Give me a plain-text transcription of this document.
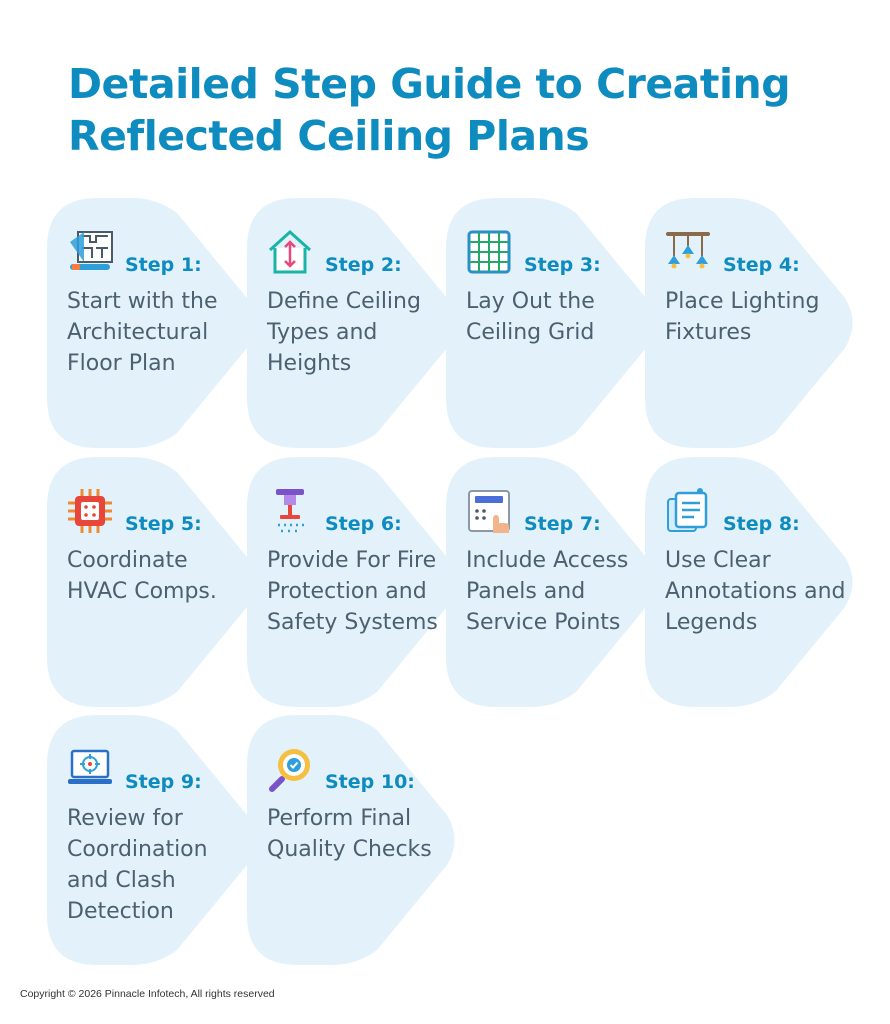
Detailed Step Guide to Creating Reflected Ceiling Plans
Step 1:
Start with the Architectural Floor Plan
Step 2:
Define Ceiling Types and Heights
Step 3:
Lay Out the Ceiling Grid
Step 4:
Place Lighting Fixtures
Step 5:
Coordinate HVAC Comps.
Step 6:
Provide For Fire Protection and Safety Systems
Step 7:
Include Access Panels and Service Points
Step 8:
Use Clear Annotations and Legends
Step 9:
Review for Coordination and Clash Detection
Step 10:
Perform Final Quality Checks
Copyright © 2026 Pinnacle Infotech, All rights reserved
